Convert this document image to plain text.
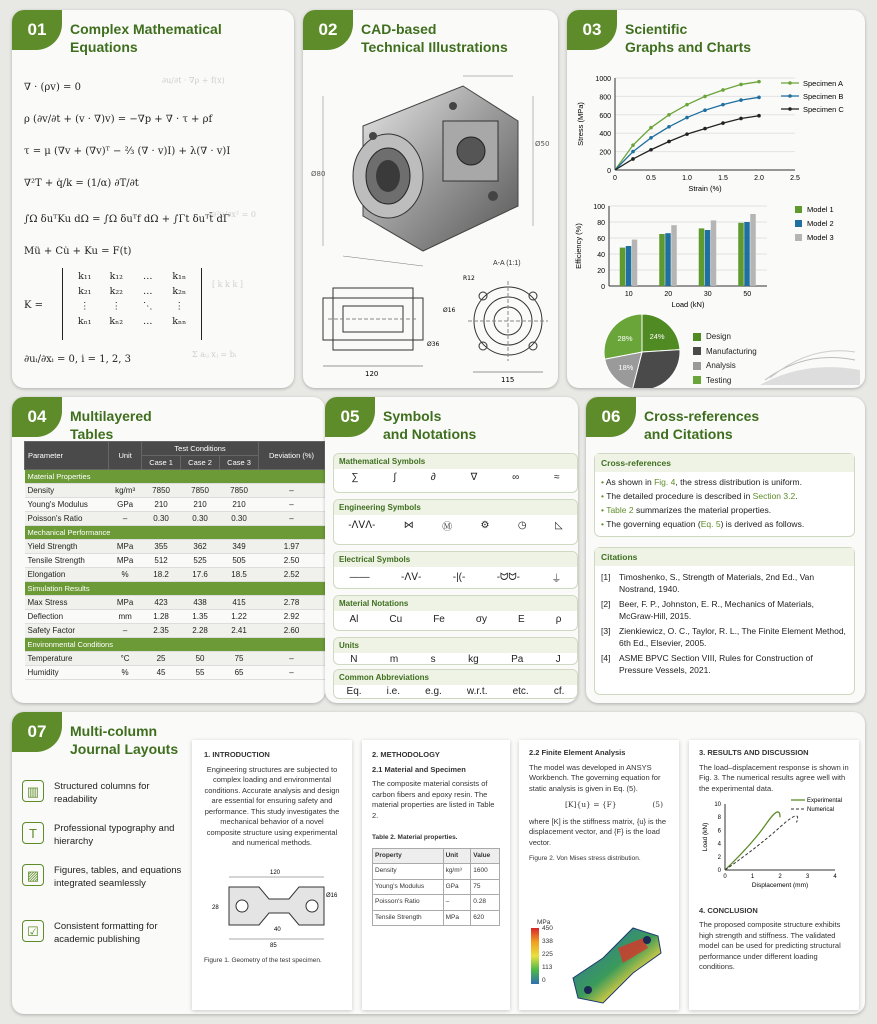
01	Complex Mathematical
Equations
∂u/∂t · ∇ρ + f(x)
∂²u/∂x² = 0
[ k k k ]
Σ aᵢⱼ xⱼ = bᵢ
∇ · (ρv) = 0
ρ (∂v/∂t + (v · ∇)v) = −∇p + ∇ · τ + ρf
τ = μ (∇v + (∇v)ᵀ − ⅔ (∇ · v)I) + λ(∇ · v)I
∇²T + q̇/k = (1/α) ∂T/∂t
∫Ω δuᵀKu dΩ = ∫Ω δuᵀf dΩ + ∫Γt δuᵀt̄ dΓ
Mü + Cu̇ + Ku = F(t)
K =
k₁₁	k₁₂	…	k₁ₙ
k₂₁	k₂₂	…	k₂ₙ
⋮	⋮	⋱	⋮
kₙ₁	kₙ₂	…	kₙₙ
∂uᵢ/∂xᵢ = 0, i = 1, 2, 3
02	CAD-based
Technical Illustrations
Ø80
Ø50
A-A (1:1)
120
115
Ø16
Ø36
R12
03	Scientific
Graphs and Charts
0
200
400
600
800
1000
0	0.5	1.0	1.5	2.0	2.5
Strain (%)
Stress (MPa)
Specimen A
Specimen B
Specimen C
0
20
40
60
80
100
10	20	30	50
Load (kN)
Efficiency (%)
Model 1
Model 2
Model 3
24%
18%
28%	Design
Manufacturing
Analysis
Testing
04	Multilayered
Tables
Parameter	Unit	Test Conditions			Deviation (%)
		Case 1	Case 2	Case 3	
Material Properties					
Density	kg/m³	7850	7850	7850	–
Young's Modulus	GPa	210	210	210	–
Poisson's Ratio	–	0.30	0.30	0.30	–
Mechanical Performance					
Yield Strength	MPa	355	362	349	1.97
Tensile Strength	MPa	512	525	505	2.50
Elongation	%	18.2	17.6	18.5	2.52
Simulation Results					
Max Stress	MPa	423	438	415	2.78
Deflection	mm	1.28	1.35	1.22	2.92
Safety Factor	–	2.35	2.28	2.41	2.60
Environmental Conditions					
Temperature	°C	25	50	75	–
Humidity	%	45	55	65	–
05	Symbols
and Notations
Mathematical Symbols
∑	∫	∂	∇	∞	≈
Engineering Symbols
-ᐱᐯᐱ-	⋈	Ⓜ	⚙	◷	◺
Electrical Symbols
——	-ᐱᐯ-	-|(-	-ᗢᗢ-	⏚
Material Notations
Al	Cu	Fe	σy	E	ρ
Units
N	m	s	kg	Pa	J
Common Abbreviations
Eq.	i.e.	e.g.	w.r.t.	etc.	cf.
06	Cross-references
and Citations
Cross-references
• As shown in Fig. 4, the stress distribution is uniform.
• The detailed procedure is described in Section 3.2.
• Table 2 summarizes the material properties.
• The governing equation (Eq. 5) is derived as follows.
Citations
[1]	Timoshenko, S., Strength of Materials, 2nd Ed., Van Nostrand, 1940.
[2]	Beer, F. P., Johnston, E. R., Mechanics of Materials, McGraw-Hill, 2015.
[3]	Zienkiewicz, O. C., Taylor, R. L., The Finite Element Method, 6th Ed., Elsevier, 2005.
[4]	ASME BPVC Section VIII, Rules for Construction of Pressure Vessels, 2021.
07	Multi-column
Journal Layouts
▥	Structured columns for readability
T	Professional typography and hierarchy
▨	Figures, tables, and equations integrated seamlessly
☑	Consistent formatting for academic publishing
1. INTRODUCTION

Engineering structures are subjected to complex loading and environmental conditions. Accurate analysis and design are essential for ensuring safety and performance. This study investigates the mechanical behavior of a novel composite structure using experimental and numerical methods.

120
Ø16
28
40
85

Figure 1. Geometry of the test specimen.

2. METHODOLOGY
2.1 Material and Specimen

The composite material consists of carbon fibers and epoxy resin. The material properties are listed in Table 2.

Table 2. Material properties.

Property	Unit	Value
Density	kg/m³	1600
Young's Modulus	GPa	75
Poisson's Ratio	–	0.28
Tensile Strength	MPa	620
2.2 Finite Element Analysis

The model was developed in ANSYS Workbench. The governing equation for static analysis is given in Eq. (5).

[K]{u} = {F}	(5)

where [K] is the stiffness matrix, {u} is the displacement vector, and {F} is the load vector.

Figure 2. Von Mises stress distribution.

MPa
450
338
225
113
0
3. RESULTS AND DISCUSSION

The load–displacement response is shown in Fig. 3. The numerical results agree well with the experimental data.

0
2
4
6
8
10
0	1	2	3	4
Displacement (mm)
Load (kN)
Experimental
Numerical
4. CONCLUSION

The proposed composite structure exhibits high strength and stiffness. The validated model can be used for predicting structural performance under different loading conditions.
